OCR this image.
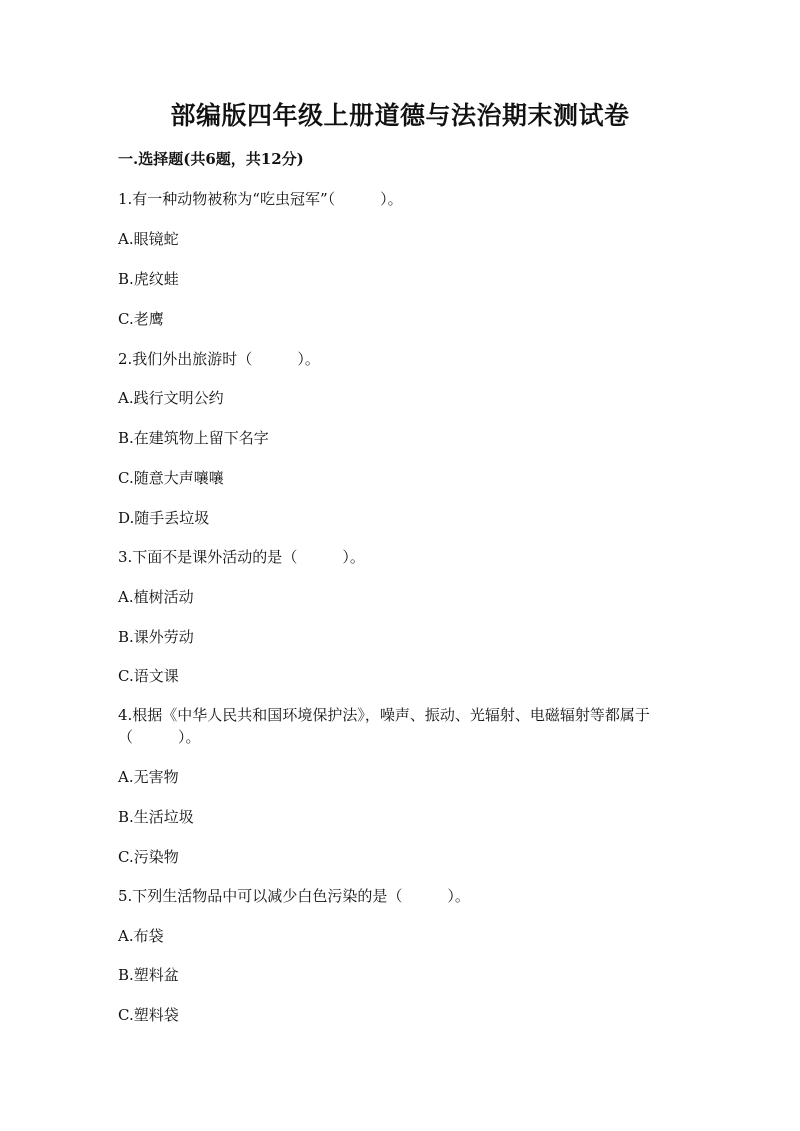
部编版四年级上册道德与法治期末测试卷
一.选择题(共6题，共12分)
1.有一种动物被称为“吃虫冠军”（　　　）。
A.眼镜蛇
B.虎纹蛙
C.老鹰
2.我们外出旅游时（　　　）。
A.践行文明公约
B.在建筑物上留下名字
C.随意大声嚷嚷
D.随手丢垃圾
3.下面不是课外活动的是（　　　）。
A.植树活动
B.课外劳动
C.语文课
4.根据《中华人民共和国环境保护法》，噪声、振动、光辐射、电磁辐射等都属于（　　　）。
A.无害物
B.生活垃圾
C.污染物
5.下列生活物品中可以减少白色污染的是（　　　）。
A.布袋
B.塑料盆
C.塑料袋
